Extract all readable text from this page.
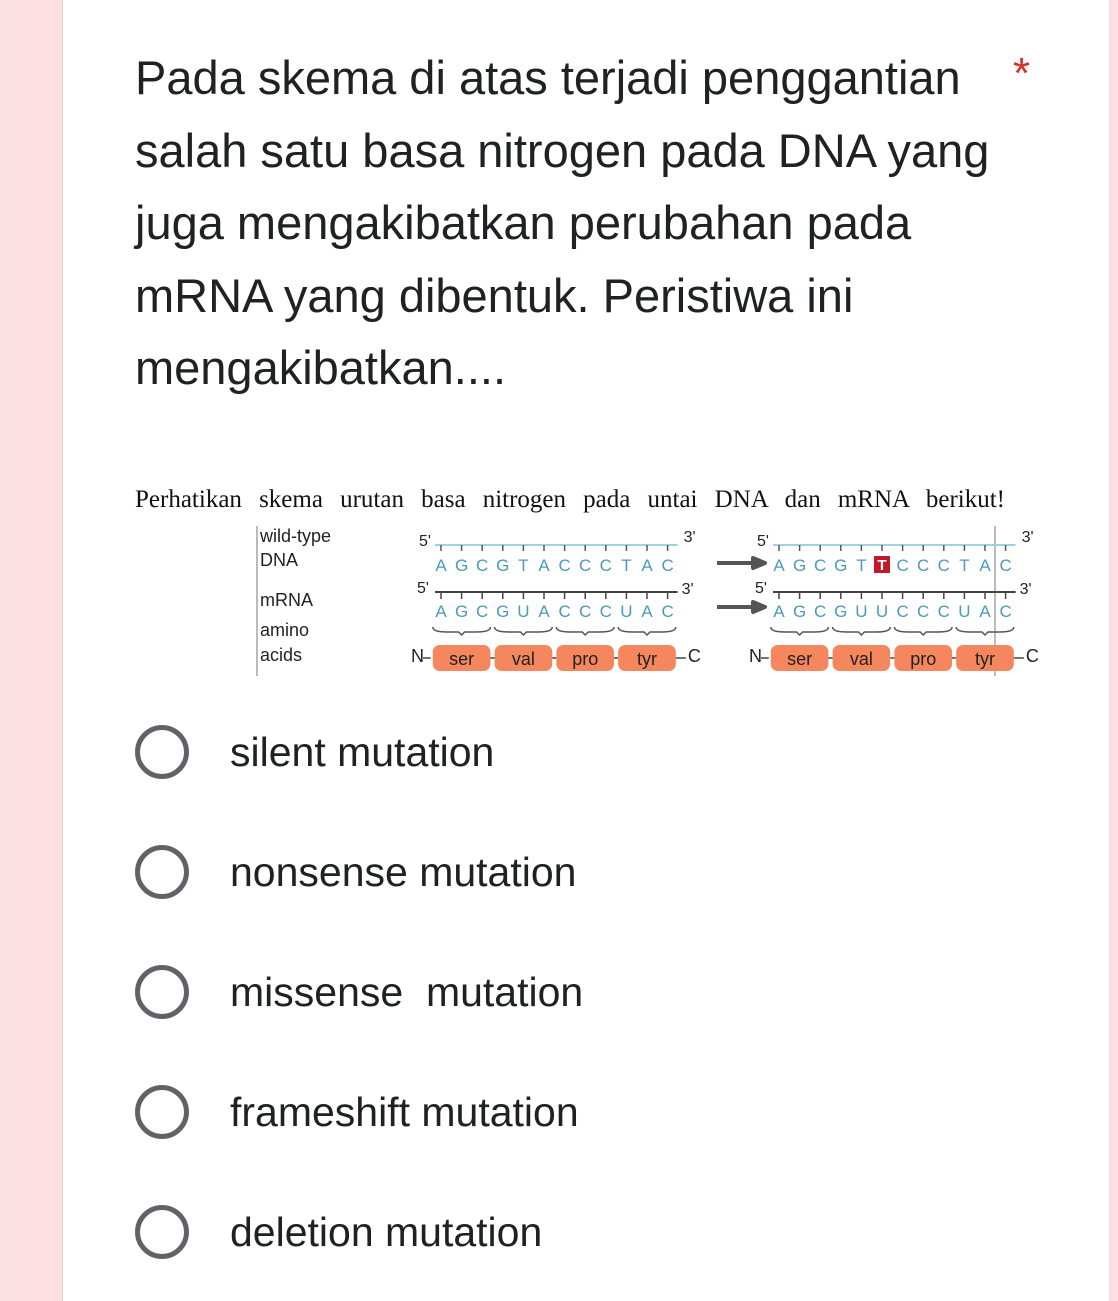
Pada skema di atas terjadi penggantian
salah satu basa nitrogen pada DNA yang
juga mengakibatkan perubahan pada
mRNA yang dibentuk. Peristiwa ini
mengakibatkan....
*
Perhatikan skema urutan basa nitrogen pada untai DNA dan mRNA berikut!
wild-type
DNA
mRNA
amino
acids
5'	3'
A G C G T A C C C T A C
5'	3'
A G C G U A C C C U A C
N ser val pro tyr C
5'	3'
A G C G T T C C C T A C
5'	3'
A G C G U U C C C U A C
N ser val pro tyr C
silent mutation
nonsense mutation
missense  mutation
frameshift mutation
deletion mutation
